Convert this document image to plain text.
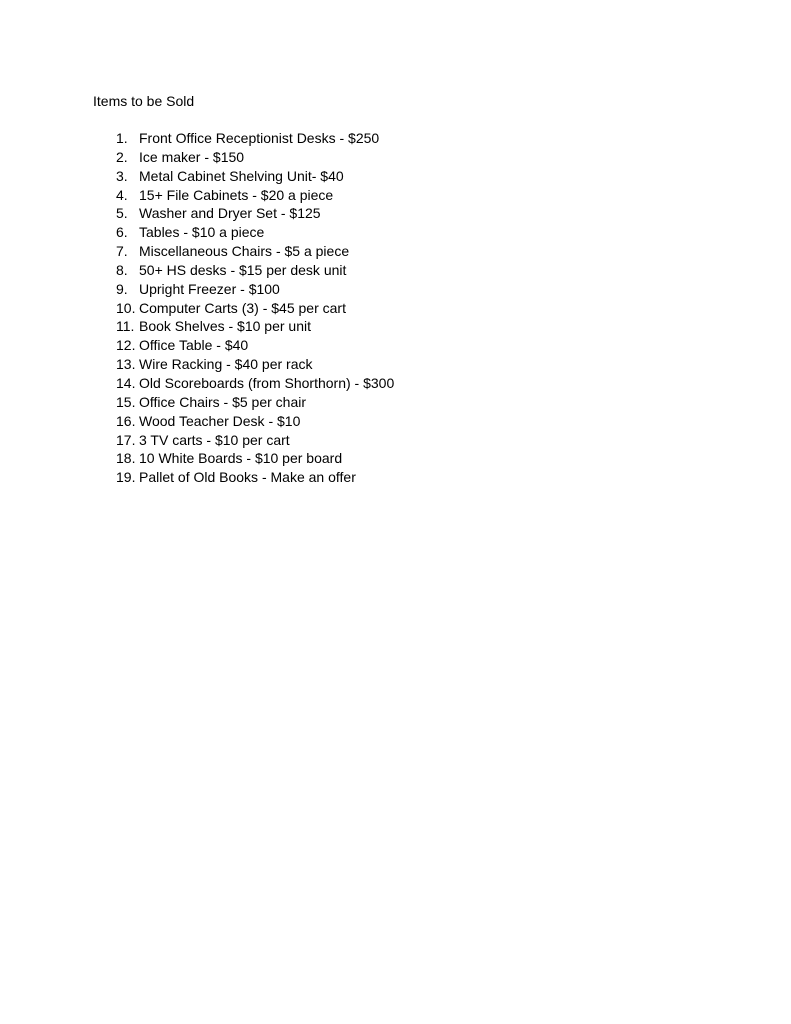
Items to be Sold
1. Front Office Receptionist Desks - $250
2. Ice maker - $150
3. Metal Cabinet Shelving Unit- $40
4. 15+ File Cabinets - $20 a piece
5. Washer and Dryer Set - $125
6. Tables - $10 a piece
7. Miscellaneous Chairs - $5 a piece
8. 50+ HS desks - $15 per desk unit
9. Upright Freezer - $100
10. Computer Carts (3) - $45 per cart
11. Book Shelves - $10 per unit
12. Office Table - $40
13. Wire Racking - $40 per rack
14. Old Scoreboards (from Shorthorn) - $300
15. Office Chairs - $5 per chair
16. Wood Teacher Desk - $10
17. 3 TV carts - $10 per cart
18. 10 White Boards - $10 per board
19. Pallet of Old Books - Make an offer
